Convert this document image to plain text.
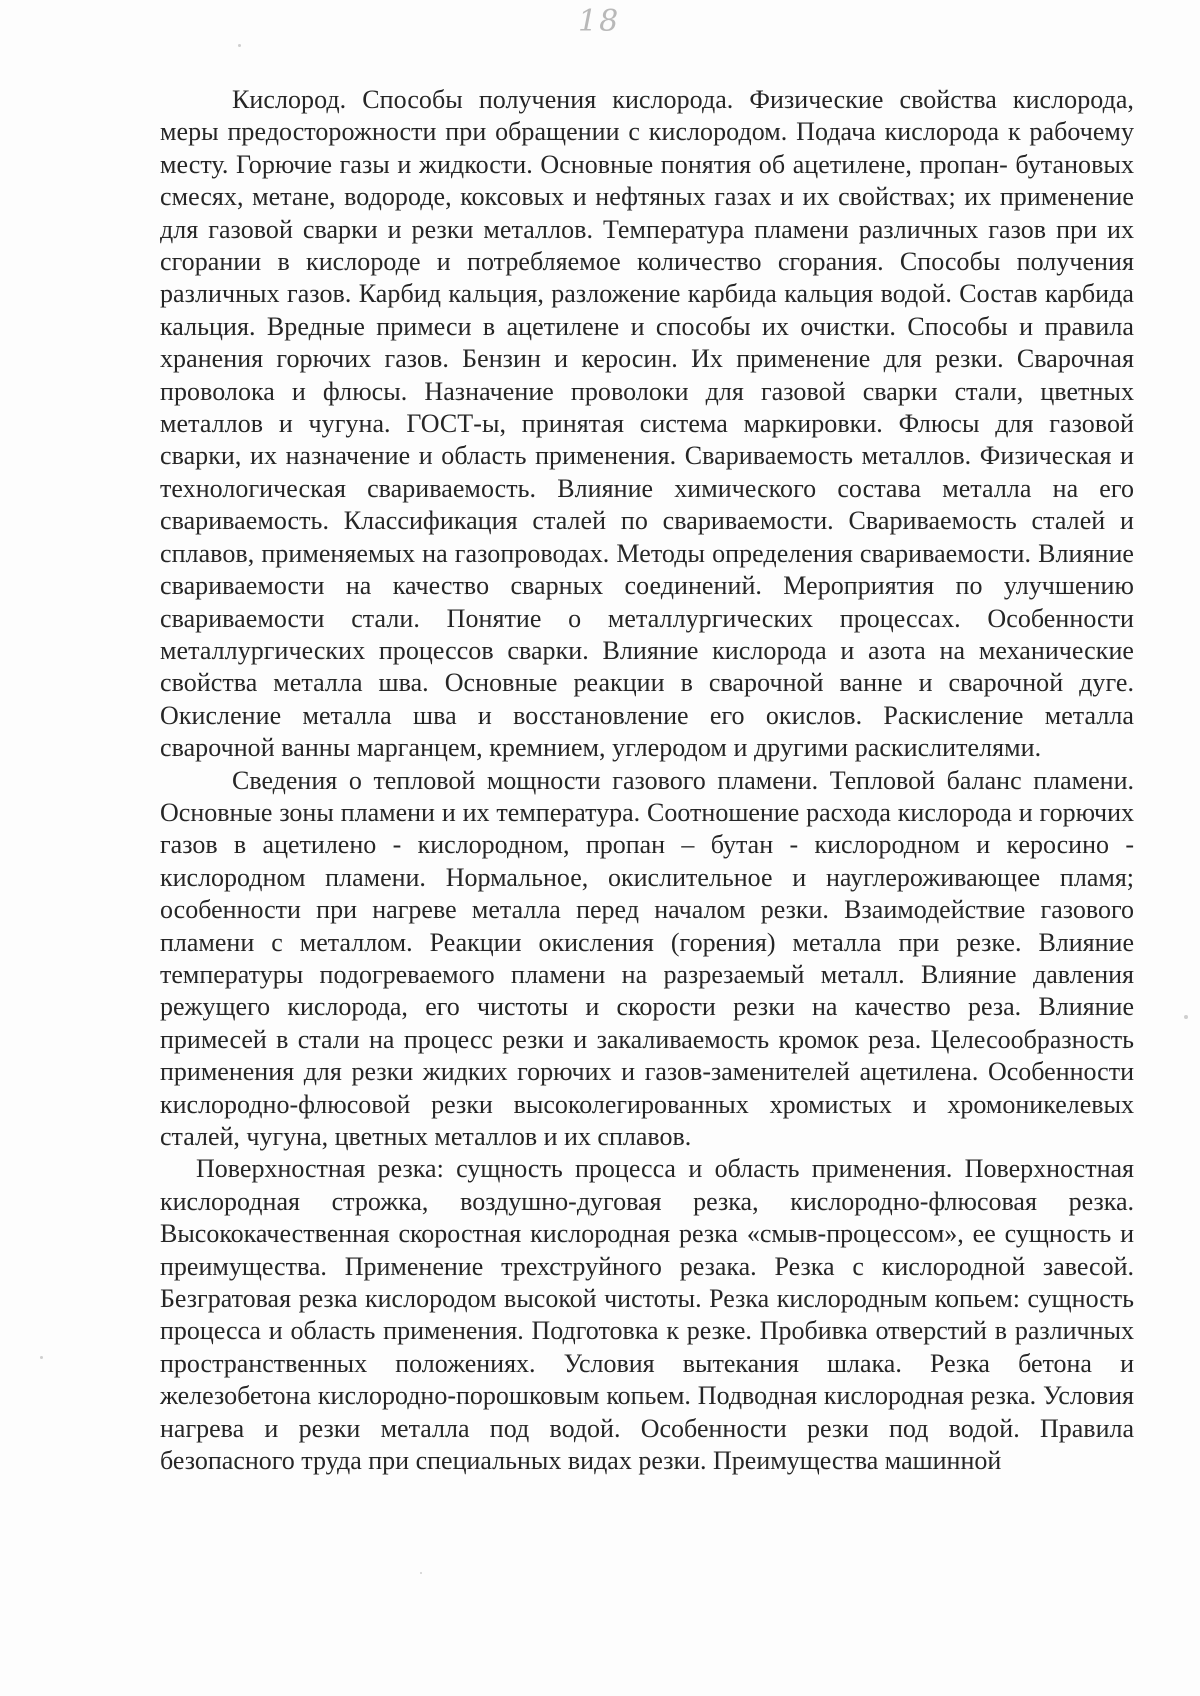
18

Кислород. Способы получения кислорода. Физические свойства кислорода, меры предосторожности при обращении с кислородом. Подача кислорода к рабочему месту. Горючие газы и жидкости. Основные понятия об ацетилене, пропан- бутановых смесях, метане, водороде, коксовых и нефтяных газах и их свойствах; их применение для газовой сварки и резки металлов. Температура пламени различных газов при их сгорании в кислороде и потребляемое количество сгорания. Способы получения различных газов. Карбид кальция, разложение карбида кальция водой. Состав карбида кальция. Вредные примеси в ацетилене и способы их очистки. Способы и правила хранения горючих газов. Бензин и керосин. Их применение для резки. Сварочная проволока и флюсы. Назначение проволоки для газовой сварки стали, цветных металлов и чугуна. ГОСТ-ы, принятая система маркировки. Флюсы для газовой сварки, их назначение и область применения. Свариваемость металлов. Физическая и технологическая свариваемость. Влияние химического состава металла на его свариваемость. Классификация сталей по свариваемости. Свариваемость сталей и сплавов, применяемых на газопроводах. Методы определения свариваемости. Влияние свариваемости на качество сварных соединений. Мероприятия по улучшению свариваемости стали. Понятие о металлургических процессах. Особенности металлургических процессов сварки. Влияние кислорода и азота на механические свойства металла шва. Основные реакции в сварочной ванне и сварочной дуге. Окисление металла шва и восстановление его окислов. Раскисление металла сварочной ванны марганцем, кремнием, углеродом и другими раскислителями.

Сведения о тепловой мощности газового пламени. Тепловой баланс пламени. Основные зоны пламени и их температура. Соотношение расхода кислорода и горючих газов в ацетилено - кислородном, пропан – бутан - кислородном и керосино - кислородном пламени. Нормальное, окислительное и науглероживающее пламя; особенности при нагреве металла перед началом резки. Взаимодействие газового пламени с металлом. Реакции окисления (горения) металла при резке. Влияние температуры подогреваемого пламени на разрезаемый металл. Влияние давления режущего кислорода, его чистоты и скорости резки на качество реза. Влияние примесей в стали на процесс резки и закаливаемость кромок реза. Целесообразность применения для резки жидких горючих и газов-заменителей ацетилена. Особенности кислородно-флюсовой резки высоколегированных хромистых и хромоникелевых сталей, чугуна, цветных металлов и их сплавов.

Поверхностная резка: сущность процесса и область применения. Поверхностная кислородная строжка, воздушно-дуговая резка, кислородно-флюсовая резка. Высококачественная скоростная кислородная резка «смыв-процессом», ее сущность и преимущества. Применение трехструйного резака. Резка с кислородной завесой. Безгратовая резка кислородом высокой чистоты. Резка кислородным копьем: сущность процесса и область применения. Подготовка к резке. Пробивка отверстий в различных пространственных положениях. Условия вытекания шлака. Резка бетона и железобетона кислородно-порошковым копьем. Подводная кислородная резка. Условия нагрева и резки металла под водой. Особенности резки под водой. Правила безопасного труда при специальных видах резки. Преимущества машинной
